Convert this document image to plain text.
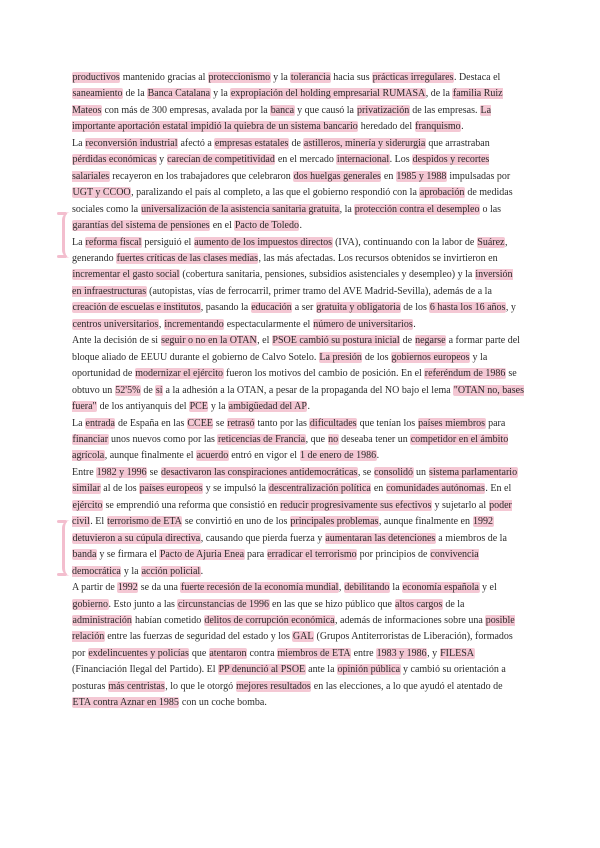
productivos mantenido gracias al proteccionismo y la tolerancia hacia sus prácticas irregulares. Destaca el saneamiento de la Banca Catalana y la expropiación del holding empresarial RUMASA, de la familia Ruiz Mateos con más de 300 empresas, avalada por la banca y que causó la privatización de las empresas. La importante aportación estatal impidió la quiebra de un sistema bancario heredado del franquismo.

La reconversión industrial afectó a empresas estatales de astilleros, minería y siderurgia que arrastraban pérdidas económicas y carecían de competitividad en el mercado internacional. Los despidos y recortes salariales recayeron en los trabajadores que celebraron dos huelgas generales en 1985 y 1988 impulsadas por UGT y CCOO, paralizando el país al completo, a las que el gobierno respondió con la aprobación de medidas sociales como la universalización de la asistencia sanitaria gratuita, la protección contra el desempleo o las garantías del sistema de pensiones en el Pacto de Toledo.

La reforma fiscal persiguió el aumento de los impuestos directos (IVA), continuando con la labor de Suárez, generando fuertes críticas de las clases medias, las más afectadas. Los recursos obtenidos se invirtieron en incrementar el gasto social (cobertura sanitaria, pensiones, subsidios asistenciales y desempleo) y la inversión en infraestructuras (autopistas, vías de ferrocarril, primer tramo del AVE Madrid-Sevilla), además de a la creación de escuelas e institutos, pasando la educación a ser gratuita y obligatoria de los 6 hasta los 16 años, y centros universitarios, incrementando espectacularmente el número de universitarios.

Ante la decisión de si seguir o no en la OTAN, el PSOE cambió su postura inicial de negarse a formar parte del bloque aliado de EEUU durante el gobierno de Calvo Sotelo. La presión de los gobiernos europeos y la oportunidad de modernizar el ejército fueron los motivos del cambio de posición. En el referéndum de 1986 se obtuvo un 52'5% de sí a la adhesión a la OTAN, a pesar de la propaganda del NO bajo el lema "OTAN no, bases fuera" de los antiyanquis del PCE y la ambigüedad del AP.

La entrada de España en las CCEE se retrasó tanto por las dificultades que tenían los países miembros para financiar unos nuevos como por las reticencias de Francia, que no deseaba tener un competidor en el ámbito agrícola, aunque finalmente el acuerdo entró en vigor el 1 de enero de 1986.

Entre 1982 y 1996 se desactivaron las conspiraciones antidemocráticas, se consolidó un sistema parlamentario similar al de los países europeos y se impulsó la descentralización política en comunidades autónomas. En el ejército se emprendió una reforma que consistió en reducir progresivamente sus efectivos y sujetarlo al poder civil. El terrorismo de ETA se convirtió en uno de los principales problemas, aunque finalmente en 1992 detuvieron a su cúpula directiva, causando que pierda fuerza y aumentaran las detenciones a miembros de la banda y se firmara el Pacto de Ajuria Enea para erradicar el terrorismo por principios de convivencia democrática y la acción policial.

A partir de 1992 se da una fuerte recesión de la economía mundial, debilitando la economía española y el gobierno. Esto junto a las circunstancias de 1996 en las que se hizo público que altos cargos de la administración habían cometido delitos de corrupción económica, además de informaciones sobre una posible relación entre las fuerzas de seguridad del estado y los GAL (Grupos Antiterroristas de Liberación), formados por exdelincuentes y policías que atentaron contra miembros de ETA entre 1983 y 1986, y FILESA (Financiación Ilegal del Partido). El PP denunció al PSOE ante la opinión pública y cambió su orientación a posturas más centristas, lo que le otorgó mejores resultados en las elecciones, a lo que ayudó el atentado de ETA contra Aznar en 1985 con un coche bomba.
